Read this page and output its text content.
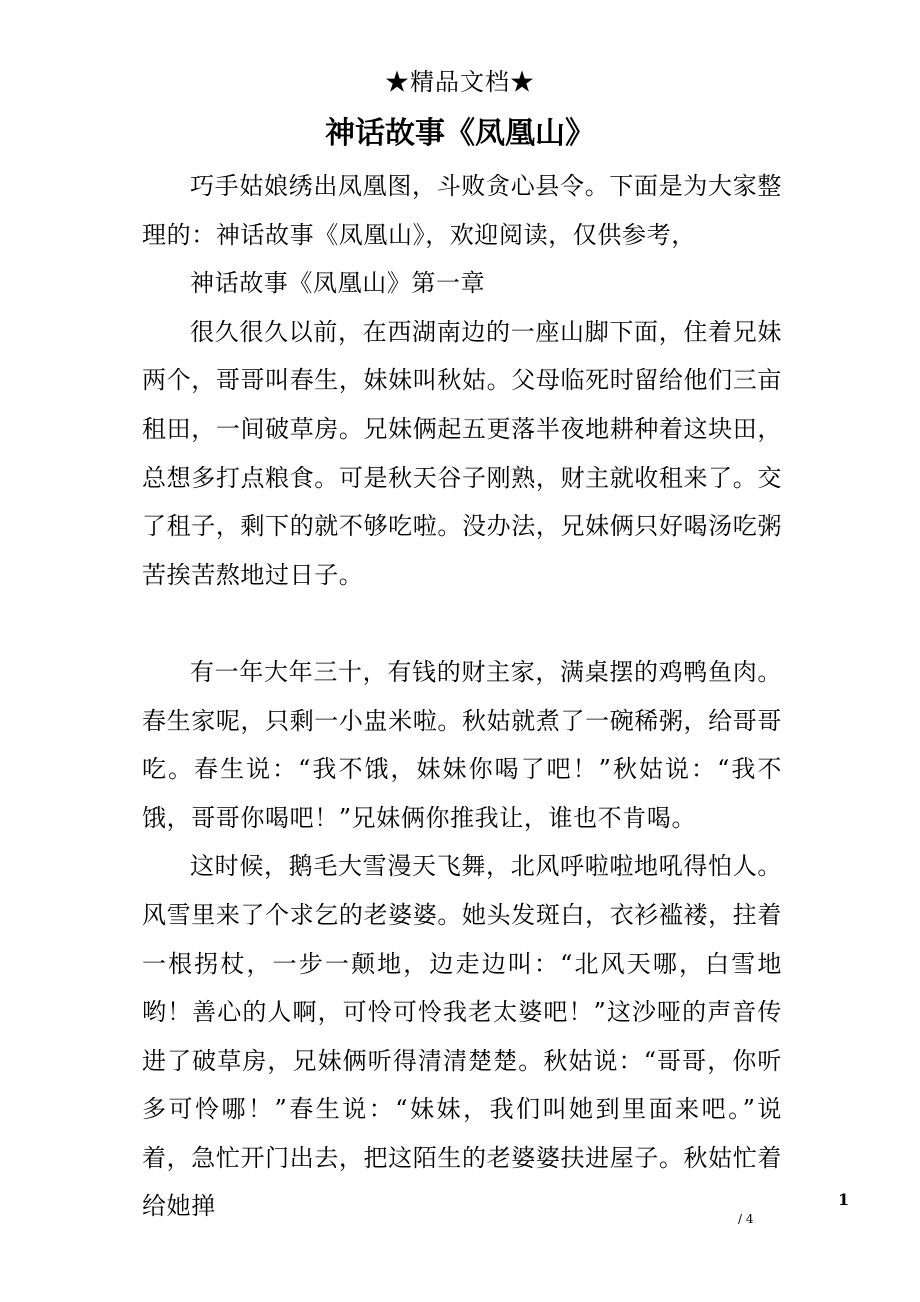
★精品文档★
神话故事《凤凰山》

巧手姑娘绣出凤凰图，斗败贪心县令。下面是为大家整理的：神话故事《凤凰山》，欢迎阅读，仅供参考，

神话故事《凤凰山》第一章

很久很久以前，在西湖南边的一座山脚下面，住着兄妹两个，哥哥叫春生，妹妹叫秋姑。父母临死时留给他们三亩租田，一间破草房。兄妹俩起五更落半夜地耕种着这块田，总想多打点粮食。可是秋天谷子刚熟，财主就收租来了。交了租子，剩下的就不够吃啦。没办法，兄妹俩只好喝汤吃粥苦挨苦熬地过日子。

有一年大年三十，有钱的财主家，满桌摆的鸡鸭鱼肉。春生家呢，只剩一小盅米啦。秋姑就煮了一碗稀粥，给哥哥吃。春生说：“我不饿，妹妹你喝了吧！”秋姑说：“我不饿，哥哥你喝吧！”兄妹俩你推我让，谁也不肯喝。

这时候，鹅毛大雪漫天飞舞，北风呼啦啦地吼得怕人。风雪里来了个求乞的老婆婆。她头发斑白，衣衫褴褛，拄着一根拐杖，一步一颠地，边走边叫：“北风天哪，白雪地哟！善心的人啊，可怜可怜我老太婆吧！”这沙哑的声音传进了破草房，兄妹俩听得清清楚楚。秋姑说：“哥哥，你听多可怜哪！”春生说：“妹妹，我们叫她到里面来吧。”说着，急忙开门出去，把这陌生的老婆婆扶进屋子。秋姑忙着给她掸	1
/ 4
